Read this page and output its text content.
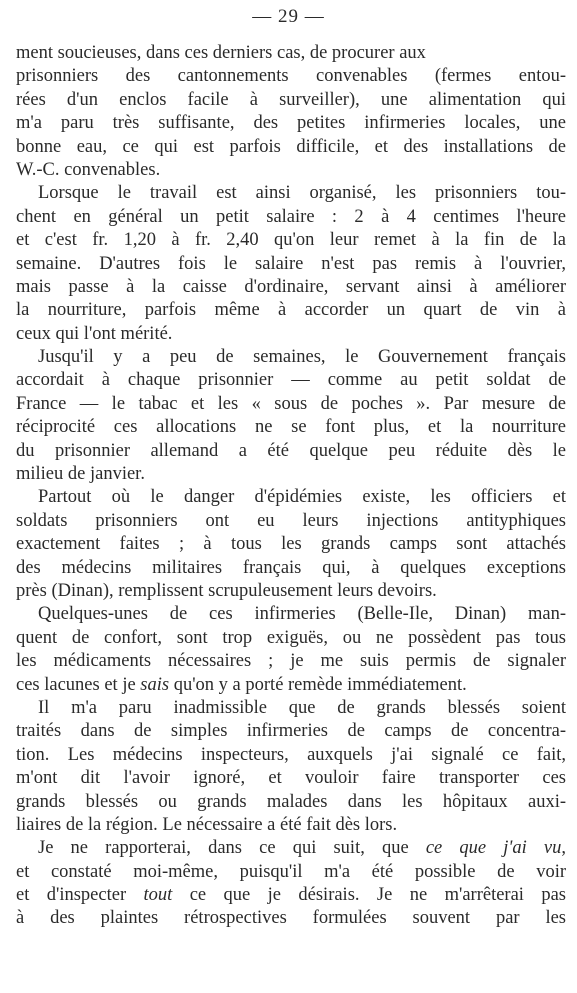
— 29 —
ment soucieuses, dans ces derniers cas, de procurer aux
prisonniers des cantonnements convenables (fermes entou-
rées d'un enclos facile à surveiller), une alimentation qui
m'a paru très suffisante, des petites infirmeries locales, une
bonne eau, ce qui est parfois difficile, et des installations de
W.-C. convenables.
Lorsque le travail est ainsi organisé, les prisonniers tou-
chent en général un petit salaire : 2 à 4 centimes l'heure
et c'est fr. 1,20 à fr. 2,40 qu'on leur remet à la fin de la
semaine. D'autres fois le salaire n'est pas remis à l'ouvrier,
mais passe à la caisse d'ordinaire, servant ainsi à améliorer
la nourriture, parfois même à accorder un quart de vin à
ceux qui l'ont mérité.
Jusqu'il y a peu de semaines, le Gouvernement français
accordait à chaque prisonnier — comme au petit soldat de
France — le tabac et les « sous de poches ». Par mesure de
réciprocité ces allocations ne se font plus, et la nourriture
du prisonnier allemand a été quelque peu réduite dès le
milieu de janvier.
Partout où le danger d'épidémies existe, les officiers et
soldats prisonniers ont eu leurs injections antityphiques
exactement faites ; à tous les grands camps sont attachés
des médecins militaires français qui, à quelques exceptions
près (Dinan), remplissent scrupuleusement leurs devoirs.
Quelques-unes de ces infirmeries (Belle-Ile, Dinan) man-
quent de confort, sont trop exiguës, ou ne possèdent pas tous
les médicaments nécessaires ; je me suis permis de signaler
ces lacunes et je sais qu'on y a porté remède immédiatement.
Il m'a paru inadmissible que de grands blessés soient
traités dans de simples infirmeries de camps de concentra-
tion. Les médecins inspecteurs, auxquels j'ai signalé ce fait,
m'ont dit l'avoir ignoré, et vouloir faire transporter ces
grands blessés ou grands malades dans les hôpitaux auxi-
liaires de la région. Le nécessaire a été fait dès lors.
Je ne rapporterai, dans ce qui suit, que ce que j'ai vu,
et constaté moi-même, puisqu'il m'a été possible de voir
et d'inspecter tout ce que je désirais. Je ne m'arrêterai pas
à des plaintes rétrospectives formulées souvent par les
